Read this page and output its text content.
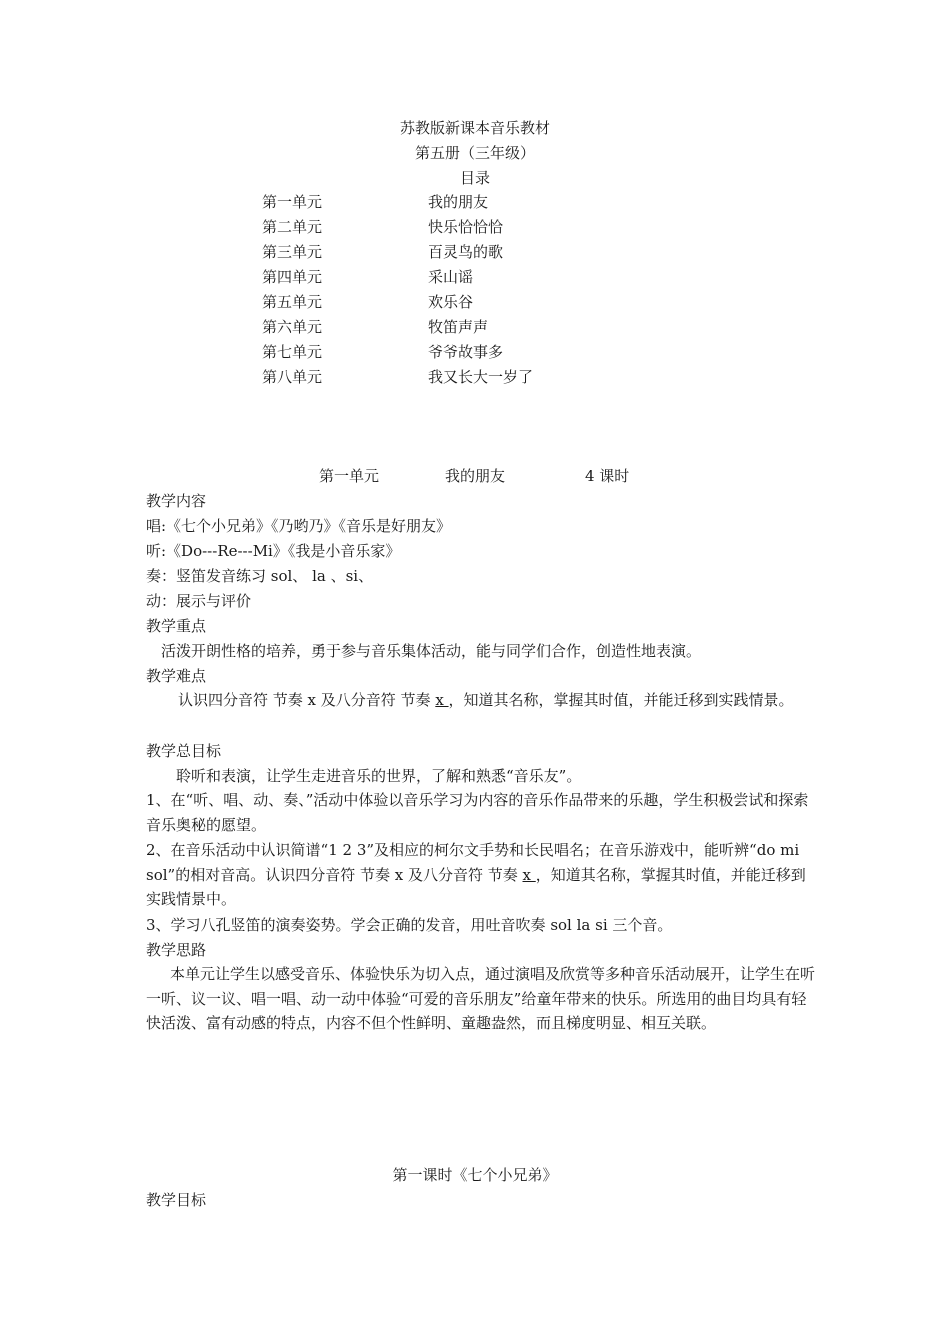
苏教版新课本音乐教材
第五册（三年级）
目录
第一单元	我的朋友
第二单元	快乐恰恰恰
第三单元	百灵鸟的歌
第四单元	采山谣
第五单元	欢乐谷
第六单元	牧笛声声
第七单元	爷爷故事多
第八单元	我又长大一岁了
第一单元	我的朋友	4 课时
教学内容
唱:《七个小兄弟》《乃哟乃》《音乐是好朋友》
听:《Do---Re---Mi》《我是小音乐家》
奏：竖笛发音练习 sol、 la 、si、
动：展示与评价
教学重点
活泼开朗性格的培养，勇于参与音乐集体活动，能与同学们合作，创造性地表演。
教学难点
认识四分音符 节奏 x 及八分音符 节奏 x ，知道其名称，掌握其时值，并能迁移到实践情景。
教学总目标
聆听和表演，让学生走进音乐的世界，了解和熟悉“音乐友”。
1、在“听、唱、动、奏、”活动中体验以音乐学习为内容的音乐作品带来的乐趣，学生积极尝试和探索音乐奥秘的愿望。
2、在音乐活动中认识简谱“1 2 3”及相应的柯尔文手势和长民唱名；在音乐游戏中，能听辨“do mi sol”的相对音高。认识四分音符 节奏 x 及八分音符 节奏 x ，知道其名称，掌握其时值，并能迁移到实践情景中。
3、学习八孔竖笛的演奏姿势。学会正确的发音，用吐音吹奏 sol la si 三个音。
教学思路
本单元让学生以感受音乐、体验快乐为切入点，通过演唱及欣赏等多种音乐活动展开，让学生在听一听、议一议、唱一唱、动一动中体验“可爱的音乐朋友”给童年带来的快乐。所选用的曲目均具有轻快活泼、富有动感的特点，内容不但个性鲜明、童趣盎然，而且梯度明显、相互关联。
第一课时《七个小兄弟》
教学目标
